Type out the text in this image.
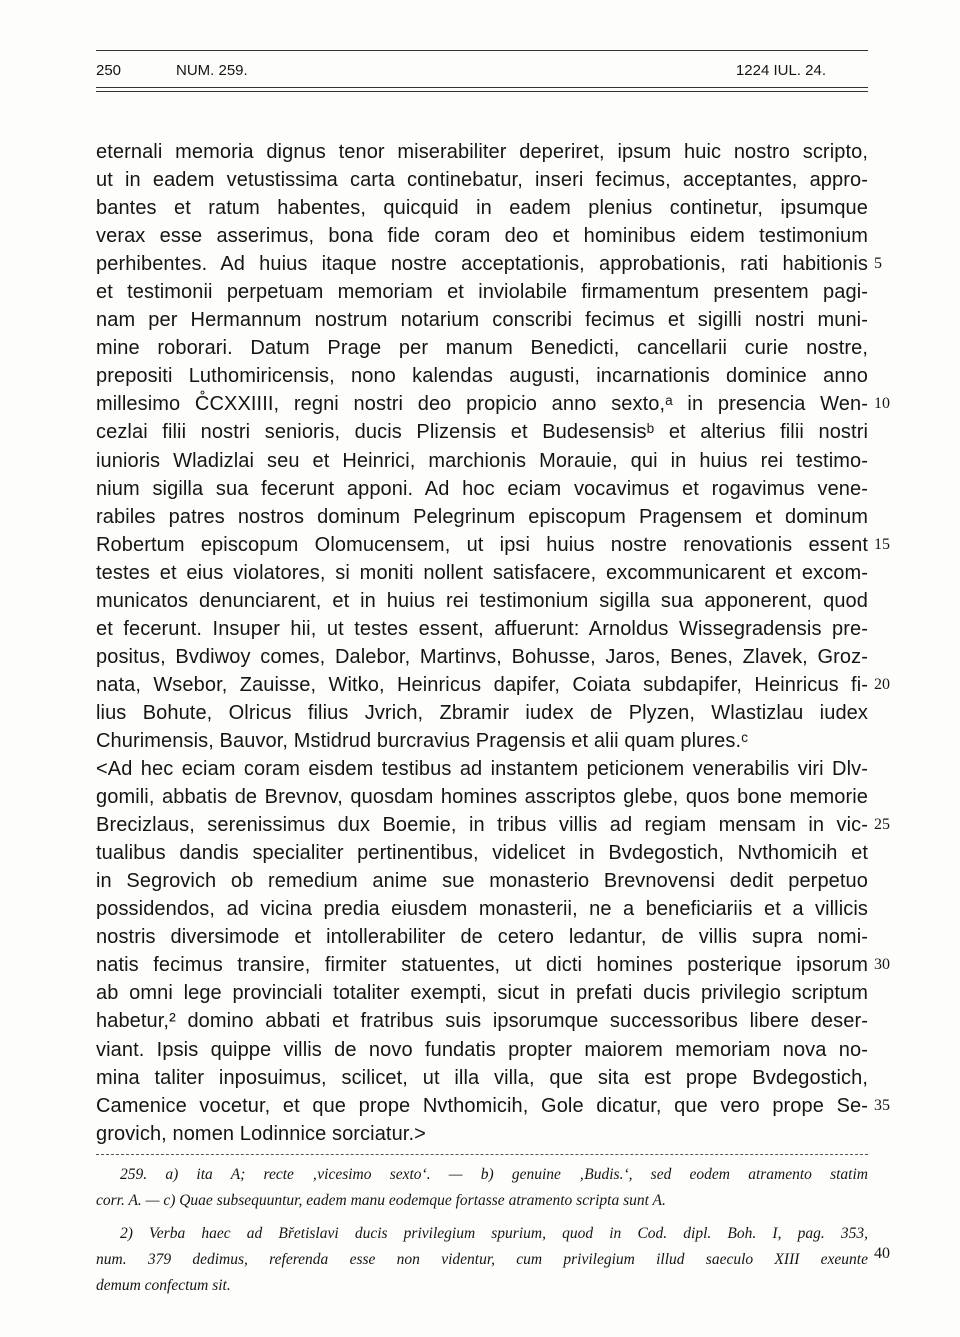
250	NUM. 259.	1224 IUL. 24.
eternali memoria dignus tenor miserabiliter deperiret, ipsum huic nostro scripto,
ut in eadem vetustissima carta continebatur, inseri fecimus, acceptantes, appro-
bantes et ratum habentes, quicquid in eadem plenius continetur, ipsumque
verax esse asserimus, bona fide coram deo et hominibus eidem testimonium
perhibentes. Ad huius itaque nostre acceptationis, approbationis, rati habitionis
et testimonii perpetuam memoriam et inviolabile firmamentum presentem pagi-
nam per Hermannum nostrum notarium conscribi fecimus et sigilli nostri muni-
mine roborari. Datum Prage per manum Benedicti, cancellarii curie nostre,
prepositi Luthomiricensis, nono kalendas augusti, incarnationis dominice anno
millesimo C̊CXXIIII, regni nostri deo propicio anno sexto,ᵃ in presencia Wen-
cezlai filii nostri senioris, ducis Plizensis et Budesensisᵇ et alterius filii nostri
iunioris Wladizlai seu et Heinrici, marchionis Morauie, qui in huius rei testimo-
nium sigilla sua fecerunt apponi. Ad hoc eciam vocavimus et rogavimus vene-
rabiles patres nostros dominum Pelegrinum episcopum Pragensem et dominum
Robertum episcopum Olomucensem, ut ipsi huius nostre renovationis essent
testes et eius violatores, si moniti nollent satisfacere, excommunicarent et excom-
municatos denunciarent, et in huius rei testimonium sigilla sua apponerent, quod
et fecerunt. Insuper hii, ut testes essent, affuerunt: Arnoldus Wissegradensis pre-
positus, Bvdiwoy comes, Dalebor, Martinvs, Bohusse, Jaros, Benes, Zlavek, Groz-
nata, Wsebor, Zauisse, Witko, Heinricus dapifer, Coiata subdapifer, Heinricus fi-
lius Bohute, Olricus filius Jvrich, Zbramir iudex de Plyzen, Wlastizlau iudex
Churimensis, Bauvor, Mstidrud burcravius Pragensis et alii quam plures.ᶜ
<Ad hec eciam coram eisdem testibus ad instantem peticionem venerabilis viri Dlv-
gomili, abbatis de Brevnov, quosdam homines asscriptos glebe, quos bone memorie
Brecizlaus, serenissimus dux Boemie, in tribus villis ad regiam mensam in vic-
tualibus dandis specialiter pertinentibus, videlicet in Bvdegostich, Nvthomicih et
in Segrovich ob remedium anime sue monasterio Brevnovensi dedit perpetuo
possidendos, ad vicina predia eiusdem monasterii, ne a beneficiariis et a villicis
nostris diversimode et intollerabiliter de cetero ledantur, de villis supra nomi-
natis fecimus transire, firmiter statuentes, ut dicti homines posterique ipsorum
ab omni lege provinciali totaliter exempti, sicut in prefati ducis privilegio scriptum
habetur,² domino abbati et fratribus suis ipsorumque successoribus libere deser-
viant. Ipsis quippe villis de novo fundatis propter maiorem memoriam nova no-
mina taliter inposuimus, scilicet, ut illa villa, que sita est prope Bvdegostich,
Camenice vocetur, et que prope Nvthomicih, Gole dicatur, que vero prope Se-
grovich, nomen Lodinnice sorciatur.>
5
10
15
20
25
30
35
40
259. a) ita A; recte ‚vicesimo sexto‘. — b) genuine ‚Budis.‘, sed eodem atramento statim
corr. A. — c) Quae subsequuntur, eadem manu eodemque fortasse atramento scripta sunt A.
2) Verba haec ad Břetislavi ducis privilegium spurium, quod in Cod. dipl. Boh. I, pag. 353,
num. 379 dedimus, referenda esse non videntur, cum privilegium illud saeculo XIII exeunte
demum confectum sit.
